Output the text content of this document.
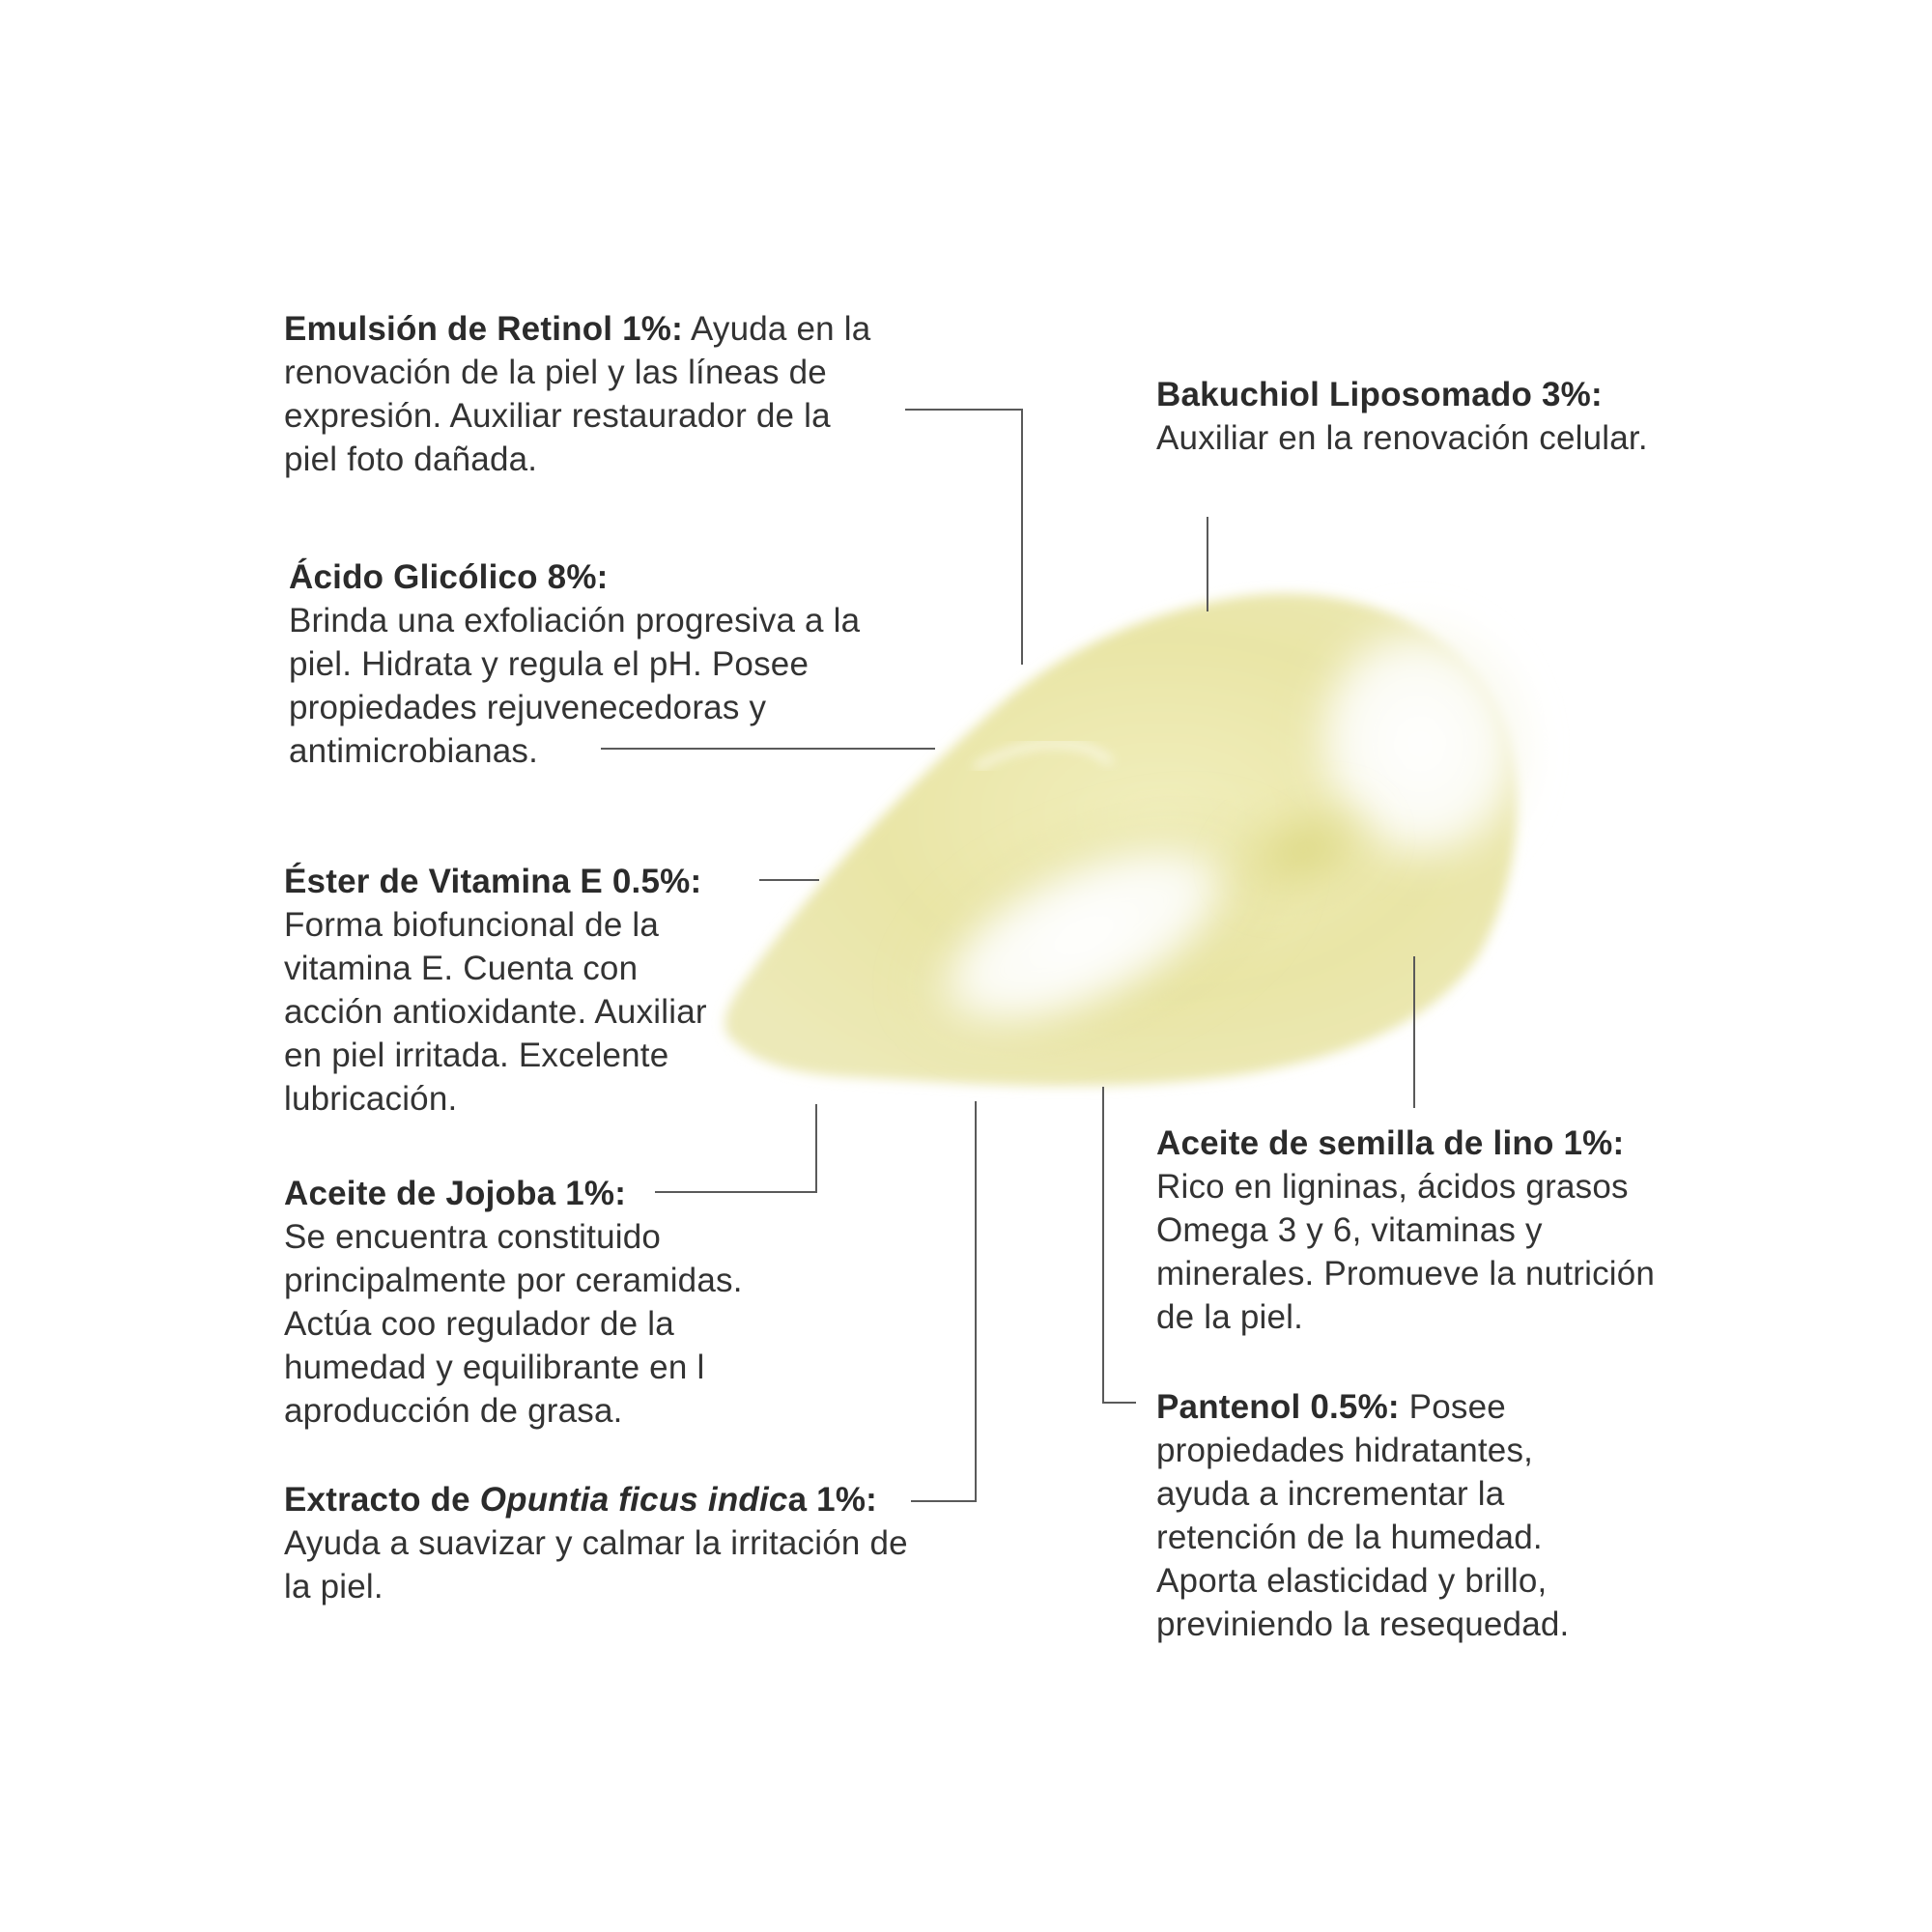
Emulsión de Retinol 1%: Ayuda en la renovación de la piel y las líneas de expresión. Auxiliar restaurador de la piel foto dañada.

Ácido Glicólico 8%:
Brinda una exfoliación progresiva a la piel. Hidrata y regula el pH. Posee propiedades rejuvenecedoras y antimicrobianas.

Éster de Vitamina E 0.5%:
Forma biofuncional de la vitamina E. Cuenta con acción antioxidante. Auxiliar en piel irritada. Excelente lubricación.

Aceite de Jojoba 1%:
Se encuentra constituido principalmente por ceramidas. Actúa coo regulador de la humedad y equilibrante en l aproducción de grasa.

Extracto de Opuntia ficus indica 1%:
Ayuda a suavizar y calmar la irritación de la piel.

Bakuchiol Liposomado 3%:
Auxiliar en la renovación celular.

Aceite de semilla de lino 1%:
Rico en ligninas, ácidos grasos Omega 3 y 6, vitaminas y minerales. Promueve la nutrición de la piel.

Pantenol 0.5%: Posee propiedades hidratantes, ayuda a incrementar la retención de la humedad. Aporta elasticidad y brillo, previniendo la resequedad.
